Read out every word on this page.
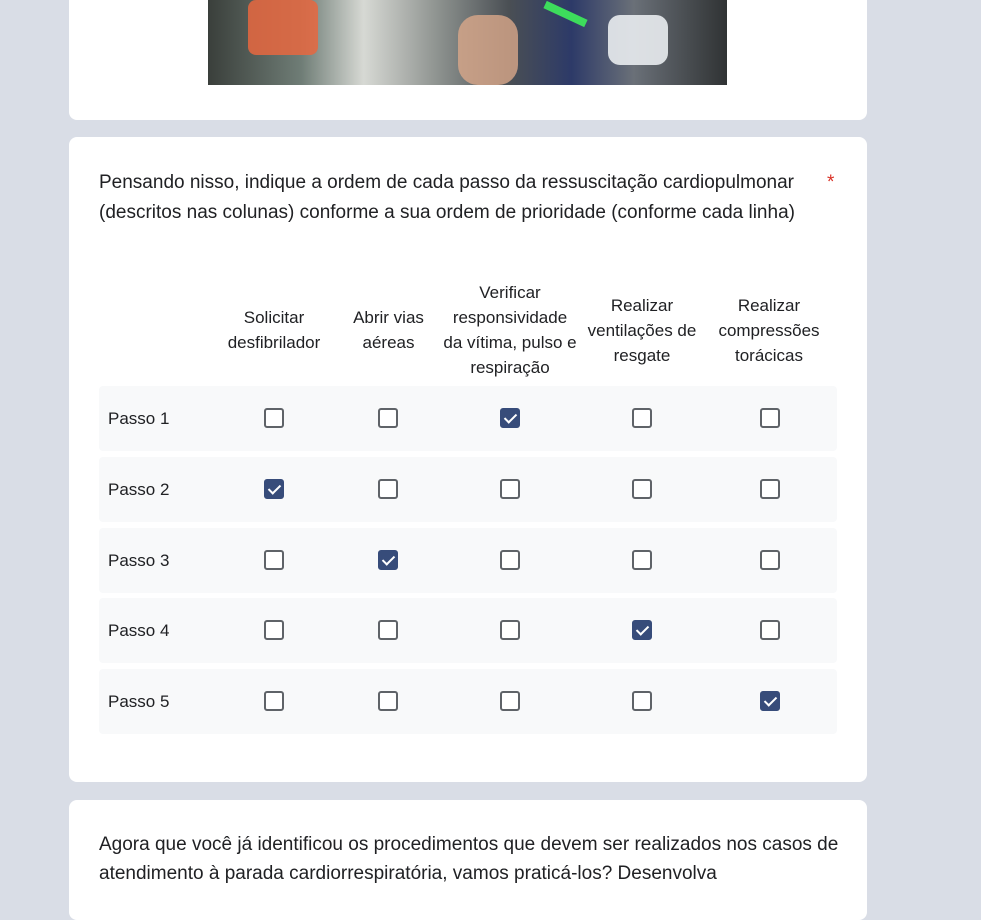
Pensando nisso, indique a ordem de cada passo da ressuscitação cardiopulmonar (descritos nas colunas) conforme a sua ordem de prioridade (conforme cada linha)
*
Solicitar desfibrilador
Abrir vias aéreas
Verificar responsividade da vítima, pulso e respiração
Realizar ventilações de resgate
Realizar compressões torácicas
Passo 1
Passo 2
Passo 3
Passo 4
Passo 5
Agora que você já identificou os procedimentos que devem ser realizados nos casos de atendimento à parada cardiorrespiratória, vamos praticá-los? Desenvolva
